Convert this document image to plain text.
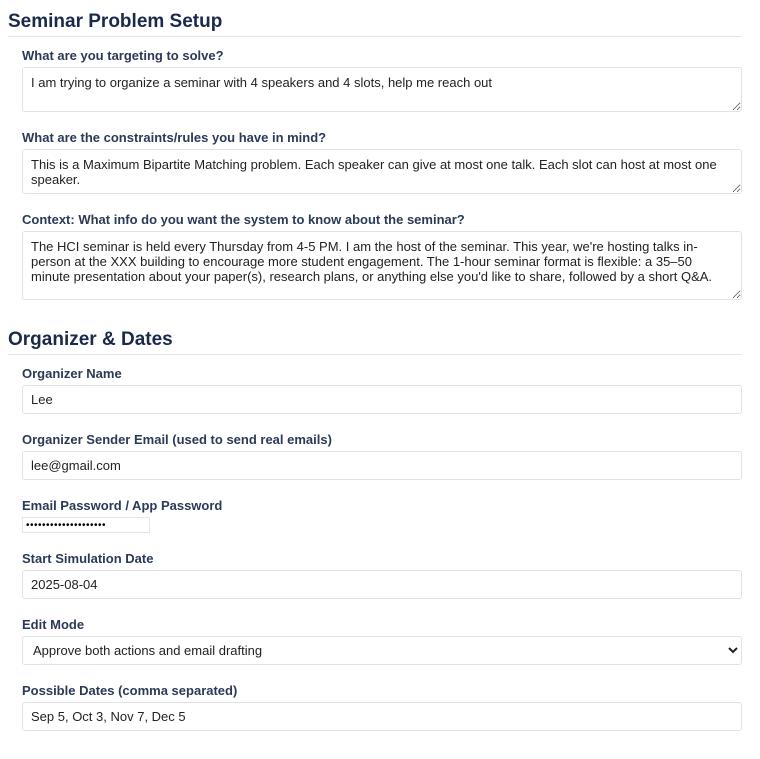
Seminar Problem Setup
What are you targeting to solve?
I am trying to organize a seminar with 4 speakers and 4 slots, help me reach out
What are the constraints/rules you have in mind?
This is a Maximum Bipartite Matching problem. Each speaker can give at most one talk. Each slot can host at most one speaker.
Context: What info do you want the system to know about the seminar?
The HCI seminar is held every Thursday from 4-5 PM. I am the host of the seminar. This year, we're hosting talks in-person at the XXX building to encourage more student engagement. The 1-hour seminar format is flexible: a 35–50 minute presentation about your paper(s), research plans, or anything else you'd like to share, followed by a short Q&A.
Organizer & Dates
Organizer Name
Lee
Organizer Sender Email (used to send real emails)
lee@gmail.com
Email Password / App Password
••••••••••••••••••••
Start Simulation Date
2025-08-04
Edit Mode
Approve both actions and email drafting
Possible Dates (comma separated)
Sep 5, Oct 3, Nov 7, Dec 5
